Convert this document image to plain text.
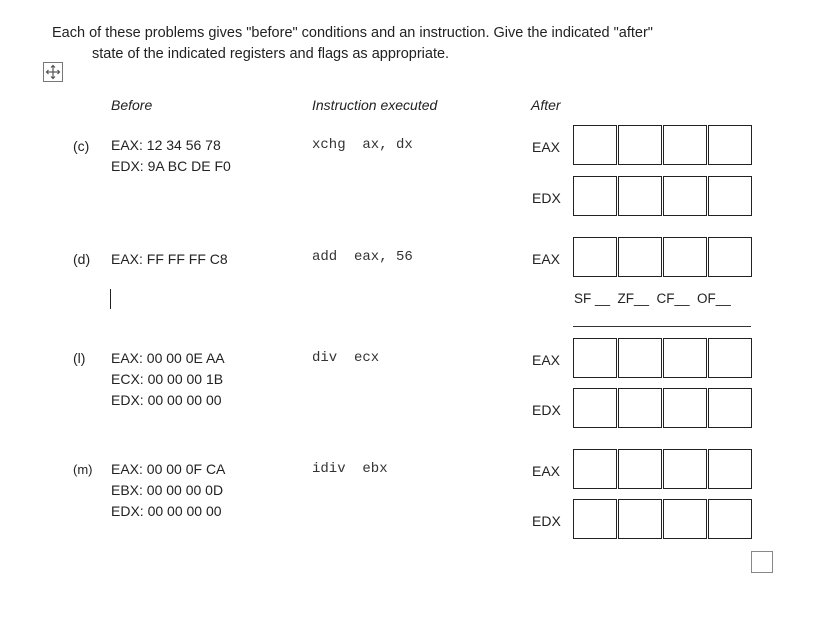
Each of these problems gives "before" conditions and an instruction. Give the indicated "after"
state of the indicated registers and flags as appropriate.
Before	Instruction executed	After
(c) EAX: 12 34 56 78
EDX: 9A BC DE F0
xchg  ax, dx	EAX
EDX
(d) EAX: FF FF FF C8	add  eax, 56	EAX
SF __  ZF__  CF__  OF__
(l) EAX: 00 00 0E AA
ECX: 00 00 00 1B
EDX: 00 00 00 00
div  ecx	EAX
EDX
(m) EAX: 00 00 0F CA
EBX: 00 00 00 0D
EDX: 00 00 00 00
idiv  ebx	EAX
EDX
